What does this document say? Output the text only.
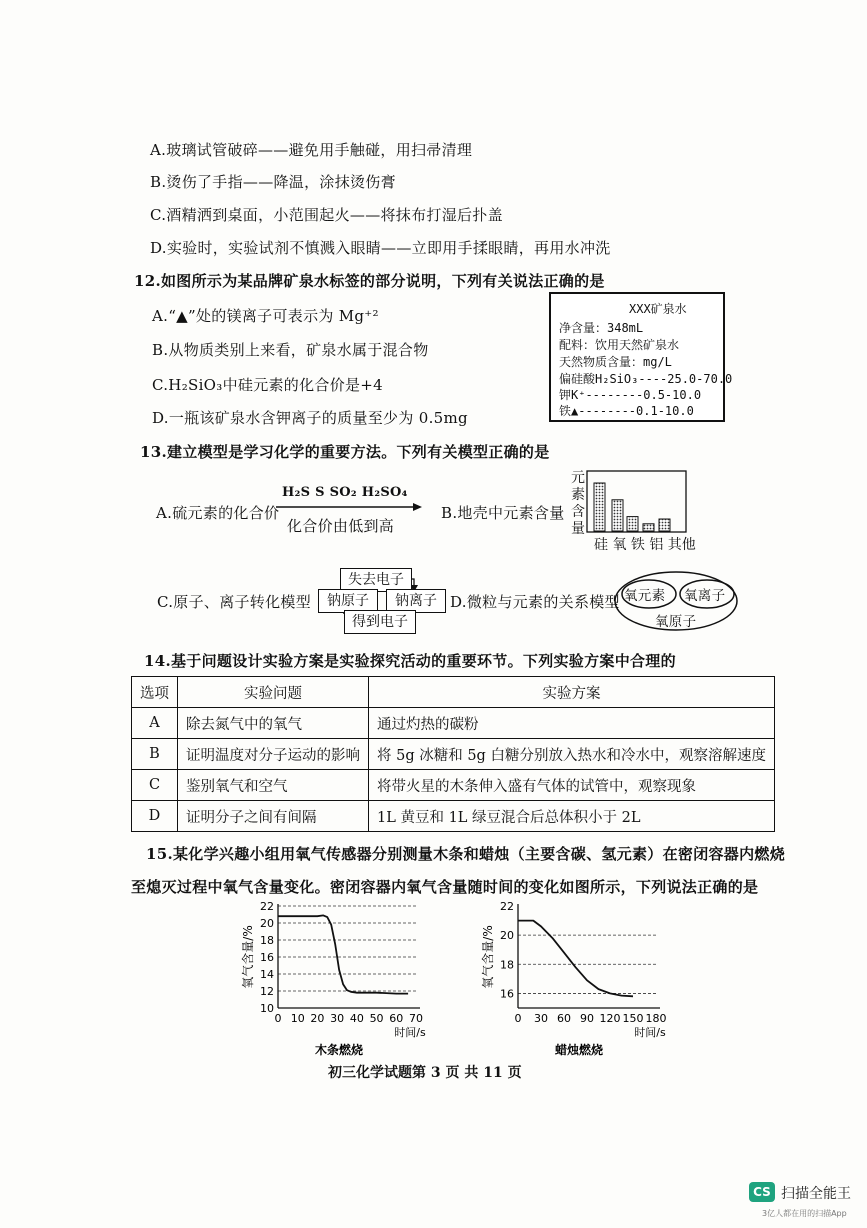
A.玻璃试管破碎——避免用手触碰，用扫帚清理
B.烫伤了手指——降温，涂抹烫伤膏
C.酒精洒到桌面，小范围起火——将抹布打湿后扑盖
D.实验时，实验试剂不慎溅入眼睛——立即用手揉眼睛，再用水冲洗
12.如图所示为某品牌矿泉水标签的部分说明，下列有关说法正确的是
A.“▲”处的镁离子可表示为 Mg⁺²
B.从物质类别上来看，矿泉水属于混合物
C.H₂SiO₃中硅元素的化合价是+4
D.一瓶该矿泉水含钾离子的质量至少为 0.5mg
XXX矿泉水
净含量：348mL
配料：饮用天然矿泉水
天然物质含量：mg/L
偏硅酸H₂SiO₃----25.0-70.0
钾K⁺--------0.5-10.0
铁▲--------0.1-10.0
13.建立模型是学习化学的重要方法。下列有关模型正确的是
A.硫元素的化合价
H₂S S SO₂ H₂SO₄
化合价由低到高
B.地壳中元素含量
元
素
含
量
硅 氧 铁 铝 其他
C.原子、离子转化模型
失去电子
钠原子	钠离子
得到电子
D.微粒与元素的关系模型 氧元素 氧离子
氧原子
14.基于问题设计实验方案是实验探究活动的重要环节。下列实验方案中合理的
选项	实验问题	实验方案
A	除去氮气中的氧气	通过灼热的碳粉
B	证明温度对分子运动的影响	将 5g 冰糖和 5g 白糖分别放入热水和冷水中，观察溶解速度
C	鉴别氧气和空气	将带火星的木条伸入盛有气体的试管中，观察现象
D	证明分子之间有间隔	1L 黄豆和 1L 绿豆混合后总体积小于 2L
15.某化学兴趣小组用氧气传感器分别测量木条和蜡烛（主要含碳、氢元素）在密闭容器内燃烧
至熄灭过程中氧气含量变化。密闭容器内氧气含量随时间的变化如图所示，下列说法正确的是
10
12
14
16
18
20
22
0 10 20 30 40 50 60 70
时间/s
氧气含量/%
木条燃烧
16
18
20
22
0 30 60 90 120 150 180
时间/s
氧气含量/%
蜡烛燃烧
初三化学试题第 3 页 共 11 页
CS 扫描全能王
3亿人都在用的扫描App
